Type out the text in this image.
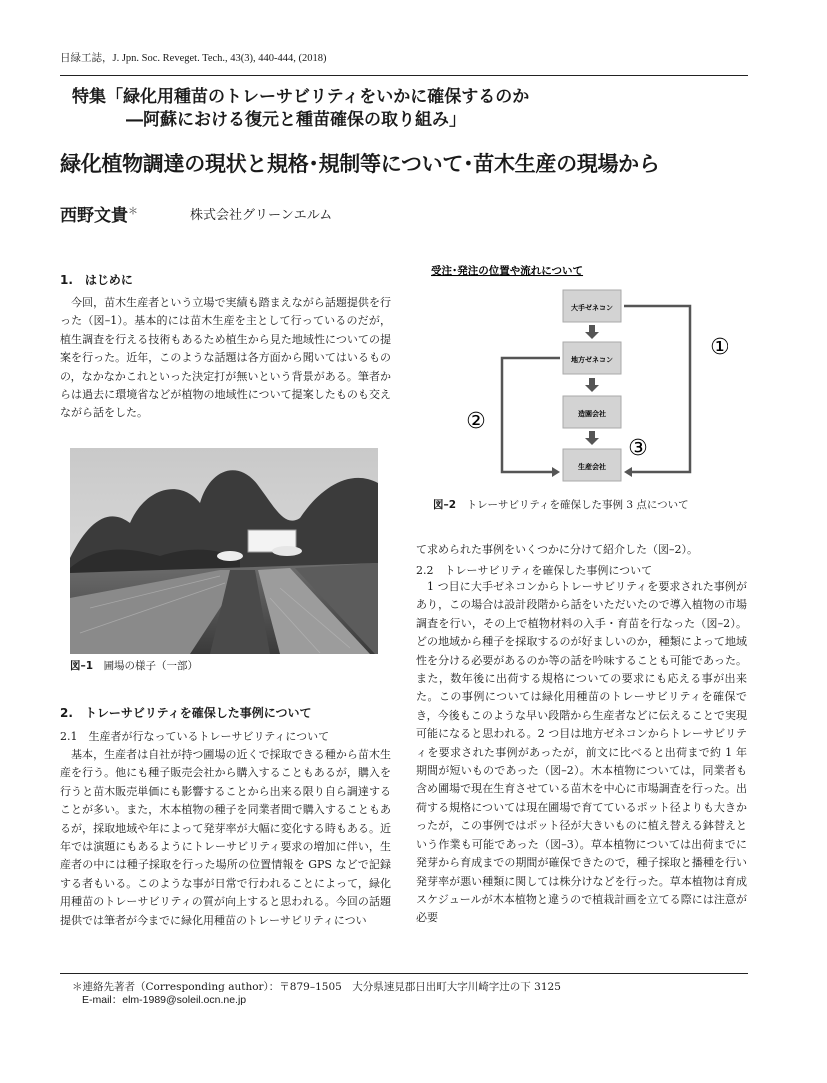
日緑工誌，J. Jpn. Soc. Reveget. Tech., 43(3), 440-444, (2018)
特集「緑化用種苗のトレーサビリティをいかに確保するのか
―阿蘇における復元と種苗確保の取り組み」
緑化植物調達の現状と規格･規制等について･苗木生産の現場から
西野文貴＊	株式会社グリーンエルム
1.　はじめに
今回，苗木生産者という立場で実績も踏まえながら話題提供を行った（図–1）。基本的には苗木生産を主として行っているのだが，植生調査を行える技術もあるため植生から見た地域性についての提案を行った。近年，このような話題は各方面から聞いてはいるものの，なかなかこれといった決定打が無いという背景がある。筆者からは過去に環境省などが植物の地域性について提案したものも交えながら話をした。
図–1　 圃場の様子（一部）
2.　トレーサビリティを確保した事例について
2.1　生産者が行なっているトレーサビリティについて
基本，生産者は自社が持つ圃場の近くで採取できる種から苗木生産を行う。他にも種子販売会社から購入することもあるが，購入を行うと苗木販売単価にも影響することから出来る限り自ら調達することが多い。また，木本植物の種子を同業者間で購入することもあるが，採取地域や年によって発芽率が大幅に変化する時もある。近年では演題にもあるようにトレーサビリティ要求の増加に伴い，生産者の中には種子採取を行った場所の位置情報を GPS などで記録する者もいる。このような事が日常で行われることによって，緑化用種苗のトレーサビリティの質が向上すると思われる。今回の話題提供では筆者が今までに緑化用種苗のトレーサビリティについ
受注･発注の位置や流れについて
大手ゼネコン
地方ゼネコン
造園会社
生産会社
①
②
③
図–2　 トレーサビリティを確保した事例 3 点について
て求められた事例をいくつかに分けて紹介した（図–2）。
2.2　トレーサビリティを確保した事例について
1 つ目に大手ゼネコンからトレーサビリティを要求された事例があり，この場合は設計段階から話をいただいたので導入植物の市場調査を行い，その上で植物材料の入手・育苗を行なった（図–2）。どの地域から種子を採取するのが好ましいのか，種類によって地域性を分ける必要があるのか等の話を吟味することも可能であった。また，数年後に出荷する規格についての要求にも応える事が出来た。この事例については緑化用種苗のトレーサビリティを確保でき，今後もこのような早い段階から生産者などに伝えることで実現可能になると思われる。2 つ目は地方ゼネコンからトレーサビリティを要求された事例があったが，前文に比べると出荷まで約 1 年期間が短いものであった（図–2）。木本植物については，同業者も含め圃場で現在生育させている苗木を中心に市場調査を行った。出荷する規格については現在圃場で育てているポット径よりも大きかったが，この事例ではポット径が大きいものに植え替える鉢替えという作業も可能であった（図–3）。草本植物については出荷までに発芽から育成までの期間が確保できたので，種子採取と播種を行い発芽率が悪い種類に関しては株分けなどを行った。草本植物は育成スケジュールが木本植物と違うので植栽計画を立てる際には注意が必要
＊連絡先著者（Corresponding author）：〒879–1505　大分県速見郡日出町大字川崎字辻の下 3125
E-mail：elm-1989@soleil.ocn.ne.jp
